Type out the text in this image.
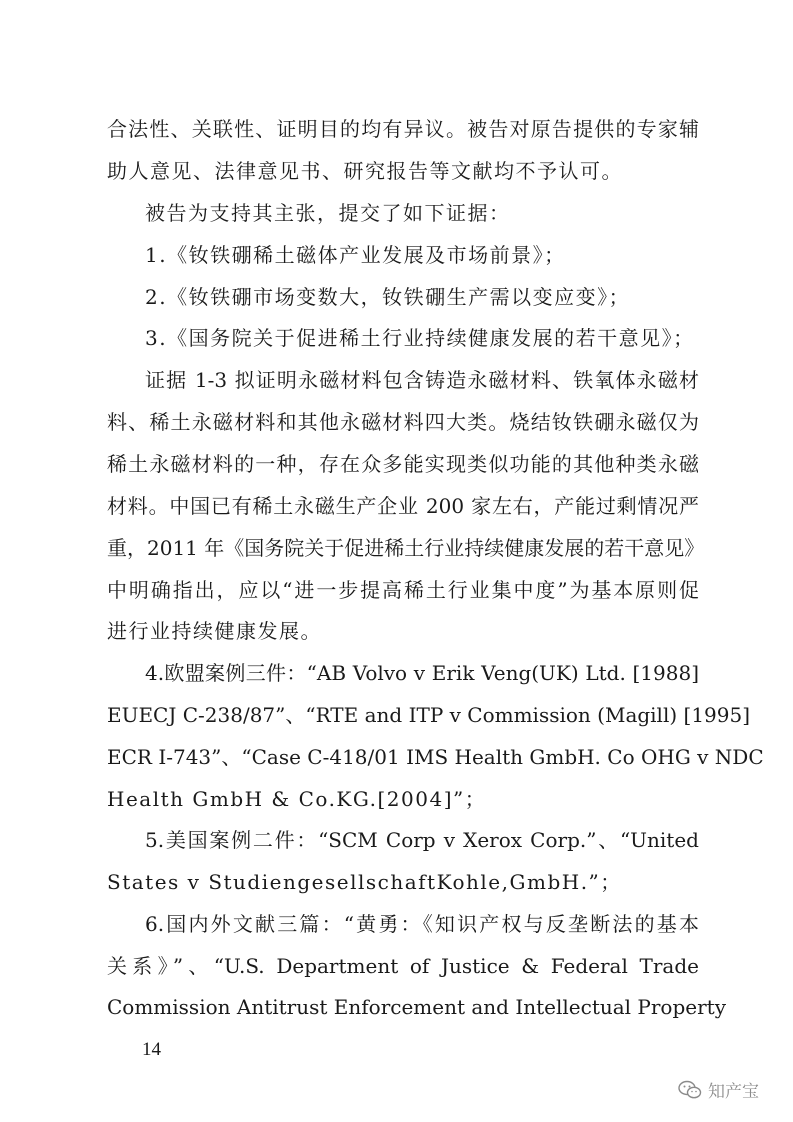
合法性、关联性、证明目的均有异议。被告对原告提供的专家辅
助人意见、法律意见书、研究报告等文献均不予认可。
被告为支持其主张，提交了如下证据：
1.《钕铁硼稀土磁体产业发展及市场前景》；
2.《钕铁硼市场变数大，钕铁硼生产需以变应变》；
3.《国务院关于促进稀土行业持续健康发展的若干意见》；
证据 1-3 拟证明永磁材料包含铸造永磁材料、铁氧体永磁材
料、稀土永磁材料和其他永磁材料四大类。烧结钕铁硼永磁仅为
稀土永磁材料的一种，存在众多能实现类似功能的其他种类永磁
材料。中国已有稀土永磁生产企业 200 家左右，产能过剩情况严
重，2011 年《国务院关于促进稀土行业持续健康发展的若干意见》
中明确指出，应以“进一步提高稀土行业集中度”为基本原则促
进行业持续健康发展。
4.欧盟案例三件：“AB Volvo v Erik Veng(UK) Ltd. [1988]
EUECJ C-238/87”、“RTE and ITP v Commission (Magill) [1995]
ECR I-743”、“Case C-418/01 IMS Health GmbH. Co OHG v NDC
Health GmbH & Co.KG.[2004]”；
5.美国案例二件：“SCM Corp v Xerox Corp.”、“United
States v StudiengesellschaftKohle,GmbH.”；
6.国内外文献三篇：“黄勇：《知识产权与反垄断法的基本
关系》”、“U.S. Department of Justice & Federal Trade
Commission Antitrust Enforcement and Intellectual Property
14
知产宝
